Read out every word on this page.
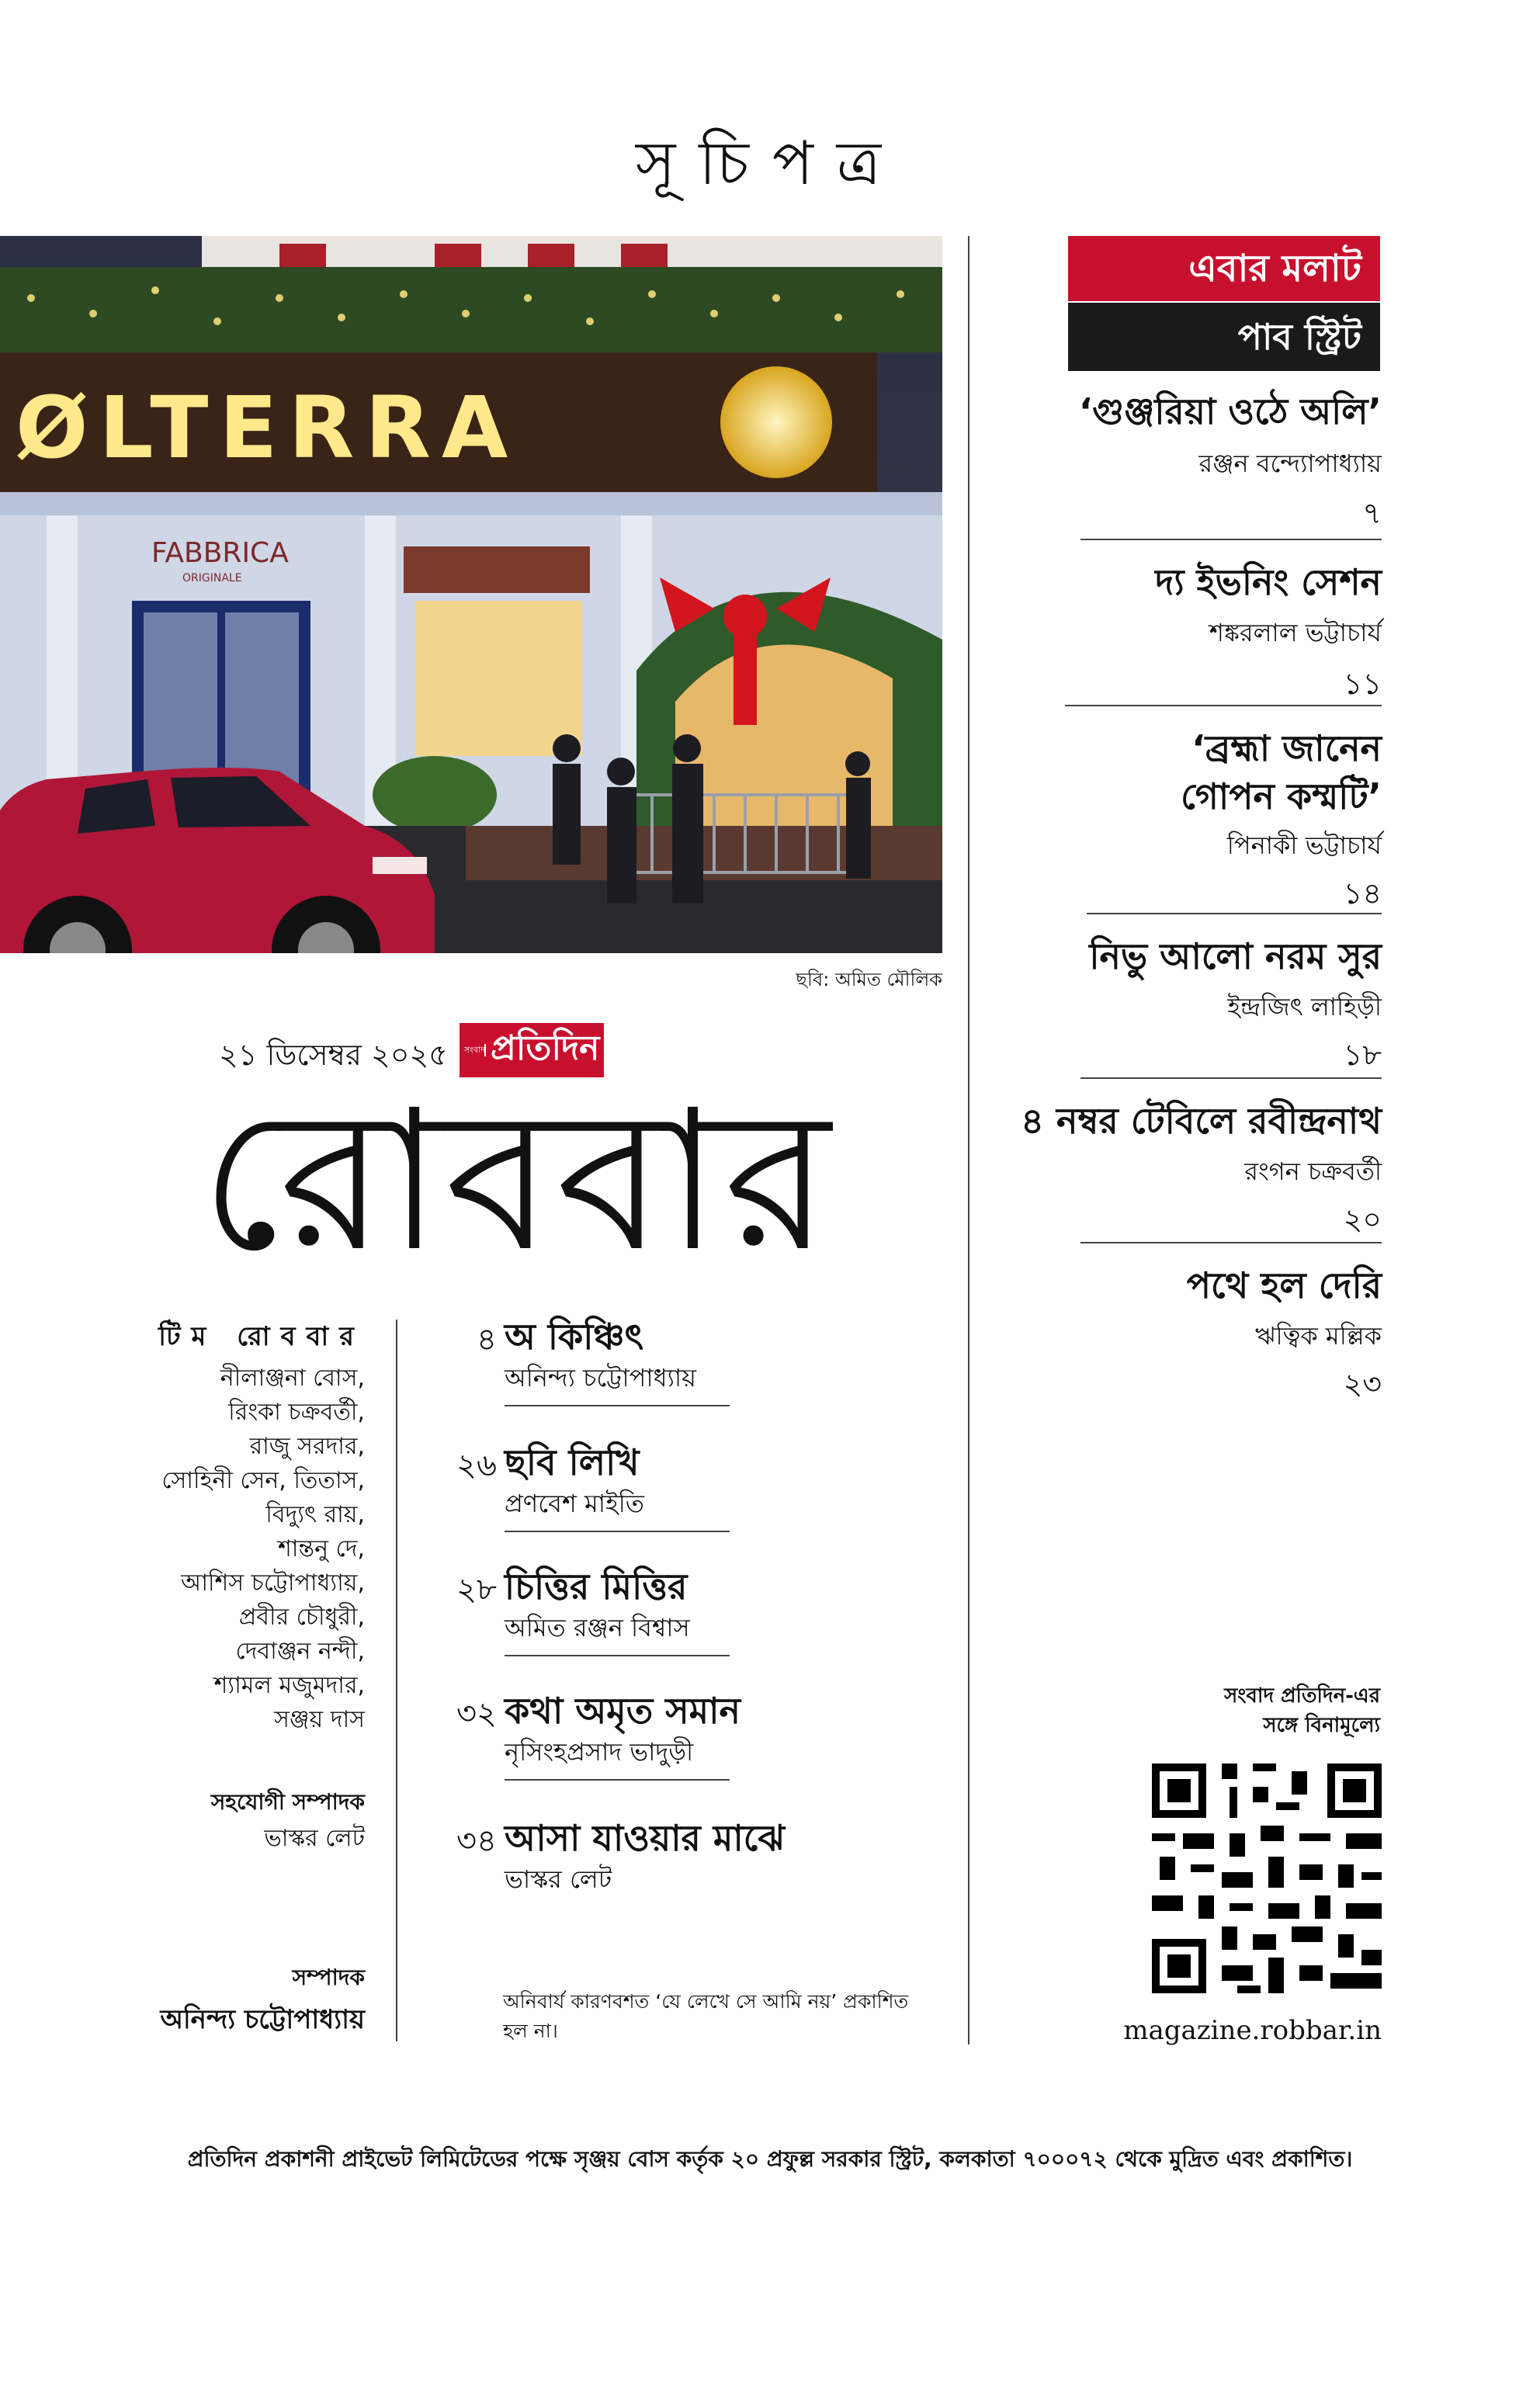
সূচিপত্র
ØLTERRA
FABBRICA
ORIGINALE
ছবি: অমিত মৌলিক
২১ ডিসেম্বর ২০২৫ সংবাদ প্রতিদিন
রোববার
টিম রোববার
নীলাঞ্জনা বোস,
রিংকা চক্রবর্তী,
রাজু সরদার,
সোহিনী সেন, তিতাস,
বিদ্যুৎ রায়,
শান্তনু দে,
আশিস চট্টোপাধ্যায়,
প্রবীর চৌধুরী,
দেবাঞ্জন নন্দী,
শ্যামল মজুমদার,
সঞ্জয় দাস
সহযোগী সম্পাদক
ভাস্কর লেট
সম্পাদক
অনিন্দ্য চট্টোপাধ্যায়
৪ অ কিঞ্চিৎ
অনিন্দ্য চট্টোপাধ্যায়
২৬ ছবি লিখি
প্রণবেশ মাইতি
২৮ চিত্তির মিত্তির
অমিত রঞ্জন বিশ্বাস
৩২ কথা অমৃত সমান
নৃসিংহপ্রসাদ ভাদুড়ী
৩৪ আসা যাওয়ার মাঝে
ভাস্কর লেট
অনিবার্য কারণবশত ‘যে লেখে সে আমি নয়’ প্রকাশিত হল না।
এবার মলাট
পাব স্ট্রিট
‘গুঞ্জরিয়া ওঠে অলি’
রঞ্জন বন্দ্যোপাধ্যায়
৭
দ্য ইভনিং সেশন
শঙ্করলাল ভট্টাচার্য
১১
‘ব্রহ্মা জানেন
গোপন কম্মটি’
পিনাকী ভট্টাচার্য
১৪
নিভু আলো নরম সুর
ইন্দ্রজিৎ লাহিড়ী
১৮
৪ নম্বর টেবিলে রবীন্দ্রনাথ
রংগন চক্রবর্তী
২০
পথে হল দেরি
ঋত্বিক মল্লিক
২৩
সংবাদ প্রতিদিন-এর
সঙ্গে বিনামূল্যে
magazine.robbar.in
প্রতিদিন প্রকাশনী প্রাইভেট লিমিটেডের পক্ষে সৃঞ্জয় বোস কর্তৃক ২০ প্রফুল্ল সরকার স্ট্রিট, কলকাতা ৭০০০৭২ থেকে মুদ্রিত এবং প্রকাশিত।
